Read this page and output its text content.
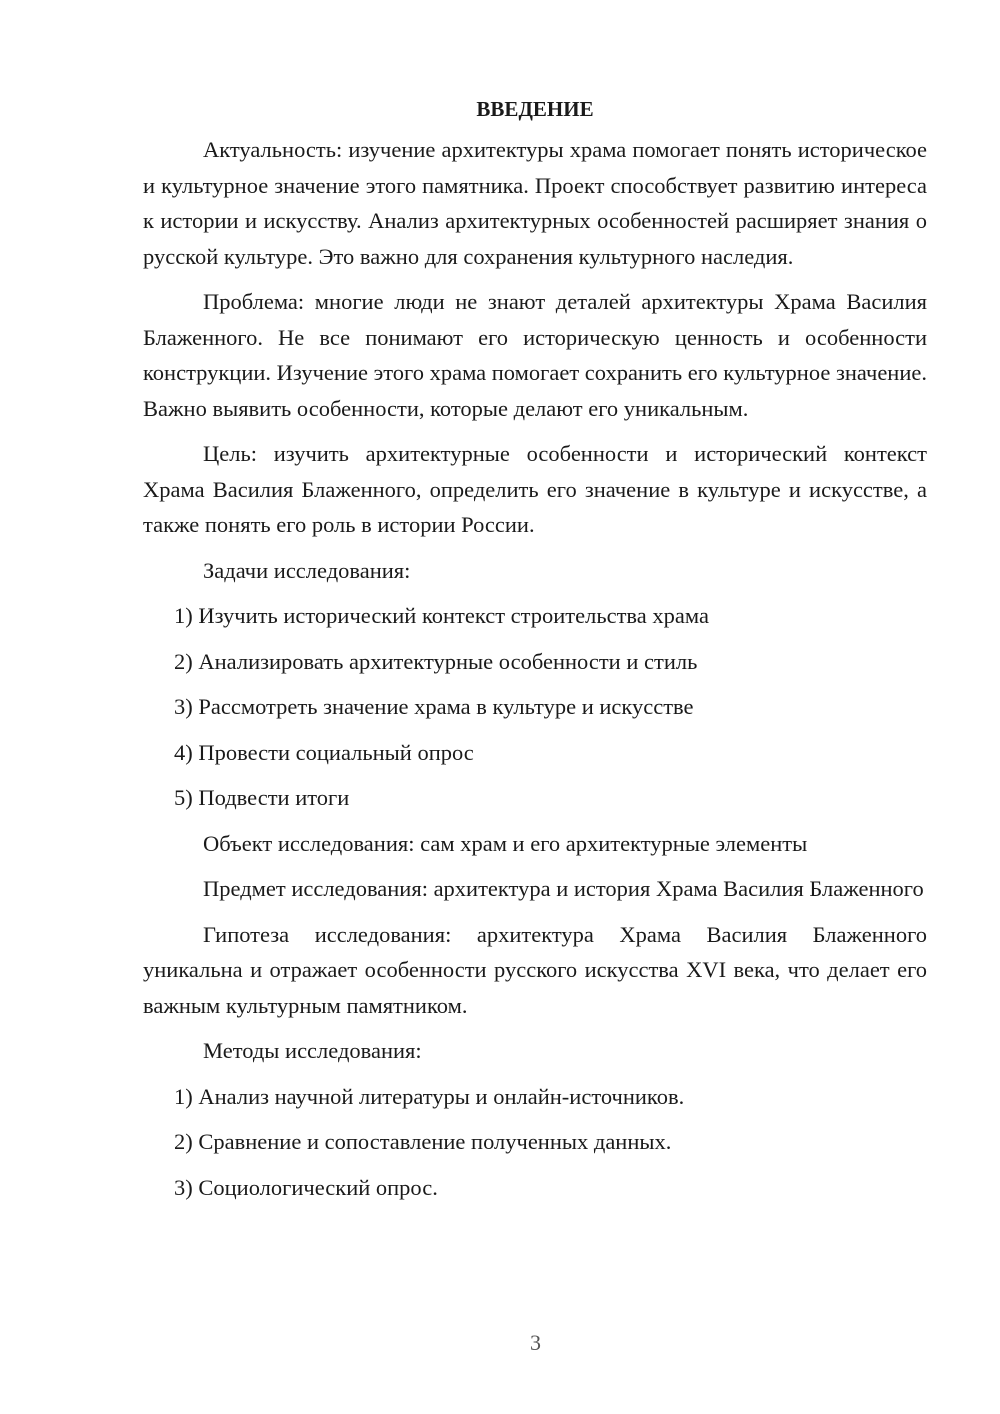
ВВЕДЕНИЕ

Актуальность: изучение архитектуры храма помогает понять историческое и культурное значение этого памятника. Проект способствует развитию интереса к истории и искусству. Анализ архитектурных особенностей расширяет знания о русской культуре. Это важно для сохранения культурного наследия.

Проблема: многие люди не знают деталей архитектуры Храма Василия Блаженного. Не все понимают его историческую ценность и особенности конструкции. Изучение этого храма помогает сохранить его культурное значение. Важно выявить особенности, которые делают его уникальным.

Цель: изучить архитектурные особенности и исторический контекст Храма Василия Блаженного, определить его значение в культуре и искусстве, а также понять его роль в истории России.

Задачи исследования:

1) Изучить исторический контекст строительства храма
2) Анализировать архитектурные особенности и стиль
3) Рассмотреть значение храма в культуре и искусстве
4) Провести социальный опрос
5) Подвести итоги

Объект исследования: сам храм и его архитектурные элементы

Предмет исследования: архитектура и история Храма Василия Блаженного

Гипотеза исследования: архитектура Храма Василия Блаженного уникальна и отражает особенности русского искусства XVI века, что делает его важным культурным памятником.

Методы исследования:

1) Анализ научной литературы и онлайн-источников.
2) Сравнение и сопоставление полученных данных.
3) Социологический опрос.
3
